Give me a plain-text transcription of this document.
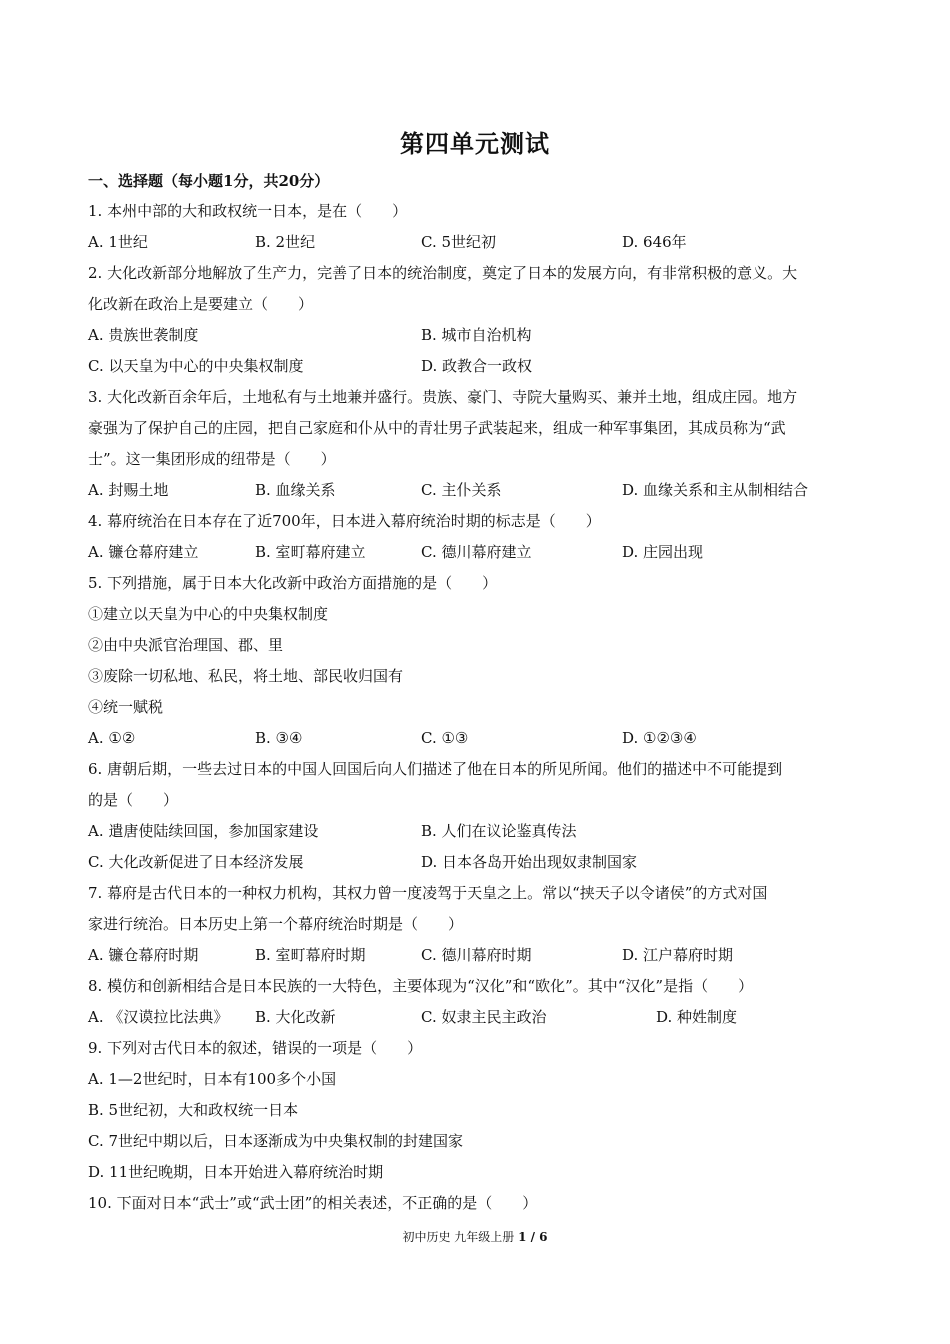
第四单元测试
一、选择题（每小题1分，共20分）
1. 本州中部的大和政权统一日本，是在（　　）
A. 1世纪	B. 2世纪	C. 5世纪初	D. 646年
2. 大化改新部分地解放了生产力，完善了日本的统治制度，奠定了日本的发展方向，有非常积极的意义。大
化改新在政治上是要建立（　　）
A. 贵族世袭制度	B. 城市自治机构
C. 以天皇为中心的中央集权制度	D. 政教合一政权
3. 大化改新百余年后，土地私有与土地兼并盛行。贵族、豪门、寺院大量购买、兼并土地，组成庄园。地方
豪强为了保护自己的庄园，把自己家庭和仆从中的青壮男子武装起来，组成一种军事集团，其成员称为“武
士”。这一集团形成的纽带是（　　）
A. 封赐土地	B. 血缘关系	C. 主仆关系	D. 血缘关系和主从制相结合
4. 幕府统治在日本存在了近700年，日本进入幕府统治时期的标志是（　　）
A. 镰仓幕府建立	B. 室町幕府建立	C. 德川幕府建立	D. 庄园出现
5. 下列措施，属于日本大化改新中政治方面措施的是（　　）
①建立以天皇为中心的中央集权制度
②由中央派官治理国、郡、里
③废除一切私地、私民，将土地、部民收归国有
④统一赋税
A. ①②	B. ③④	C. ①③	D. ①②③④
6. 唐朝后期，一些去过日本的中国人回国后向人们描述了他在日本的所见所闻。他们的描述中不可能提到
的是（　　）
A. 遣唐使陆续回国，参加国家建设	B. 人们在议论鉴真传法
C. 大化改新促进了日本经济发展	D. 日本各岛开始出现奴隶制国家
7. 幕府是古代日本的一种权力机构，其权力曾一度凌驾于天皇之上。常以“挟天子以令诸侯”的方式对国
家进行统治。日本历史上第一个幕府统治时期是（　　）
A. 镰仓幕府时期	B. 室町幕府时期	C. 德川幕府时期	D. 江户幕府时期
8. 模仿和创新相结合是日本民族的一大特色，主要体现为“汉化”和“欧化”。其中“汉化”是指（　　）
A. 《汉谟拉比法典》 B. 大化改新	C. 奴隶主民主政治	D. 种姓制度
9. 下列对古代日本的叙述，错误的一项是（　　）
A. 1—2世纪时，日本有100多个小国
B. 5世纪初，大和政权统一日本
C. 7世纪中期以后，日本逐渐成为中央集权制的封建国家
D. 11世纪晚期，日本开始进入幕府统治时期
10. 下面对日本“武士”或“武士团”的相关表述，不正确的是（　　）
初中历史 九年级上册 1 / 6
